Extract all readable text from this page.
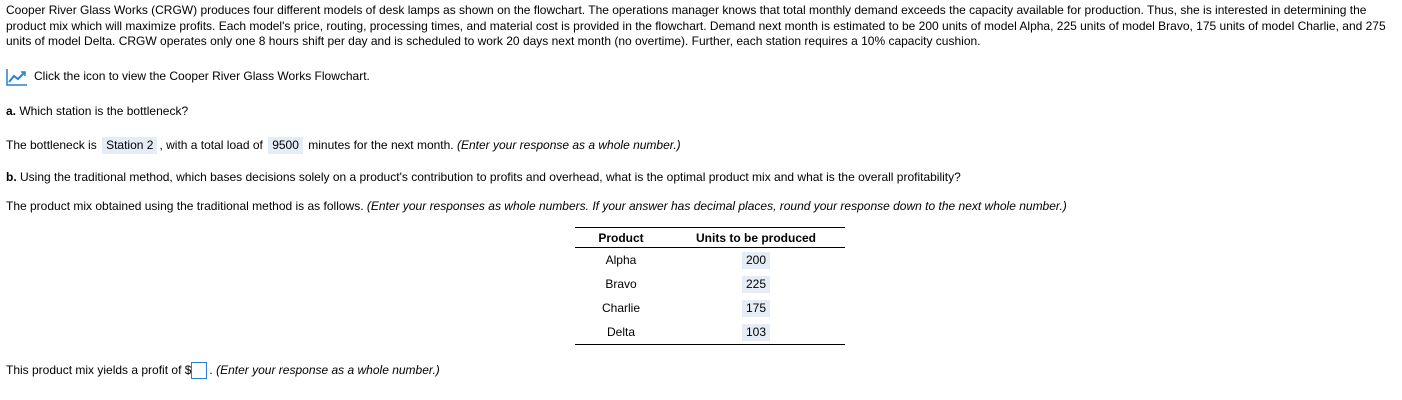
Cooper River Glass Works (CRGW) produces four different models of desk lamps as shown on the flowchart. The operations manager knows that total monthly demand exceeds the capacity available for production. Thus, she is interested in determining the product mix which will maximize profits. Each model's price, routing, processing times, and material cost is provided in the flowchart. Demand next month is estimated to be 200 units of model Alpha, 225 units of model Bravo, 175 units of model Charlie, and 275 units of model Delta. CRGW operates only one 8 hours shift per day and is scheduled to work 20 days next month (no overtime). Further, each station requires a 10% capacity cushion.

Click the icon to view the Cooper River Glass Works Flowchart.

a. Which station is the bottleneck?

The bottleneck is Station 2 , with a total load of 9500 minutes for the next month. (Enter your response as a whole number.)

b. Using the traditional method, which bases decisions solely on a product's contribution to profits and overhead, what is the optimal product mix and what is the overall profitability?

The product mix obtained using the traditional method is as follows. (Enter your responses as whole numbers. If your answer has decimal places, round your response down to the next whole number.)

Product	Units to be produced
Alpha	200
Bravo	225
Charlie	175
Delta	103

This product mix yields a profit of $ . (Enter your response as a whole number.)
